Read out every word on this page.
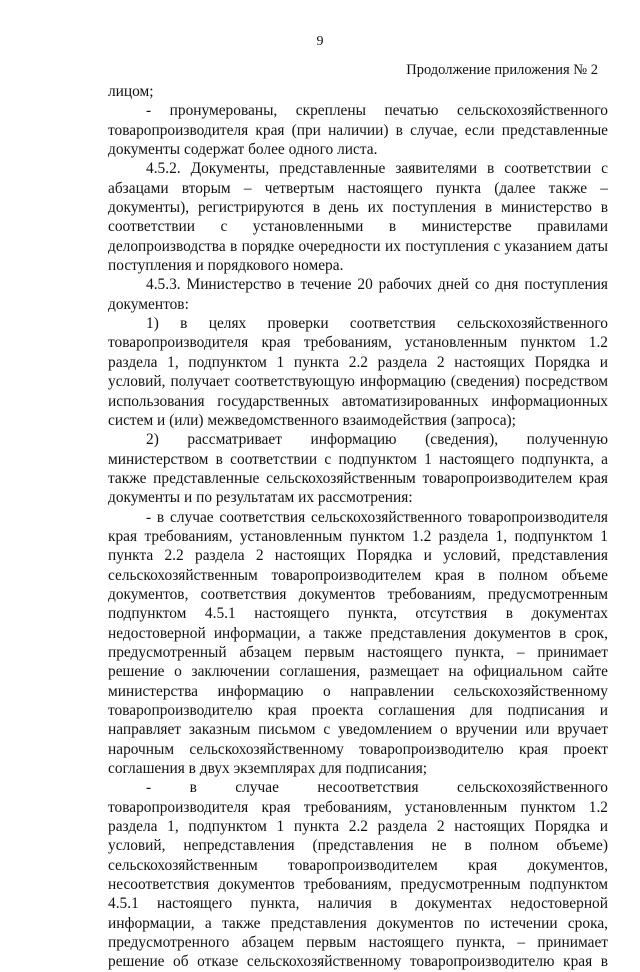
9
Продолжение приложения № 2

лицом;

- пронумерованы, скреплены печатью сельскохозяйственного товаропроизводителя края (при наличии) в случае, если представленные документы содержат более одного листа.

4.5.2. Документы, представленные заявителями в соответствии с абзацами вторым – четвертым настоящего пункта (далее также – документы), регистрируются в день их поступления в министерство в соответствии с установленными в министерстве правилами делопроизводства в порядке очередности их поступления с указанием даты поступления и порядкового номера.

4.5.3. Министерство в течение 20 рабочих дней со дня поступления документов:

1) в целях проверки соответствия сельскохозяйственного товаропроизводителя края требованиям, установленным пунктом 1.2 раздела 1, подпунктом 1 пункта 2.2 раздела 2 настоящих Порядка и условий, получает соответствующую информацию (сведения) посредством использования государственных автоматизированных информационных систем и (или) межведомственного взаимодействия (запроса);

2) рассматривает информацию (сведения), полученную министерством в соответствии с подпунктом 1 настоящего подпункта, а также представленные сельскохозяйственным товаропроизводителем края документы и по результатам их рассмотрения:

- в случае соответствия сельскохозяйственного товаропроизводителя края требованиям, установленным пунктом 1.2 раздела 1, подпунктом 1 пункта 2.2 раздела 2 настоящих Порядка и условий, представления сельскохозяйственным товаропроизводителем края в полном объеме документов, соответствия документов требованиям, предусмотренным подпунктом 4.5.1 настоящего пункта, отсутствия в документах недостоверной информации, а также представления документов в срок, предусмотренный абзацем первым настоящего пункта, – принимает решение о заключении соглашения, размещает на официальном сайте министерства информацию о направлении сельскохозяйственному товаропроизводителю края проекта соглашения для подписания и направляет заказным письмом с уведомлением о вручении или вручает нарочным сельскохозяйственному товаропроизводителю края проект соглашения в двух экземплярах для подписания;

- в случае несоответствия сельскохозяйственного товаропроизводителя края требованиям, установленным пунктом 1.2 раздела 1, подпунктом 1 пункта 2.2 раздела 2 настоящих Порядка и условий, непредставления (представления не в полном объеме) сельскохозяйственным товаропроизводителем края документов, несоответствия документов требованиям, предусмотренным подпунктом 4.5.1 настоящего пункта, наличия в документах недостоверной информации, а также представления документов по истечении срока, предусмотренного абзацем первым настоящего пункта, – принимает решение об отказе сельскохозяйственному товаропроизводителю края в
